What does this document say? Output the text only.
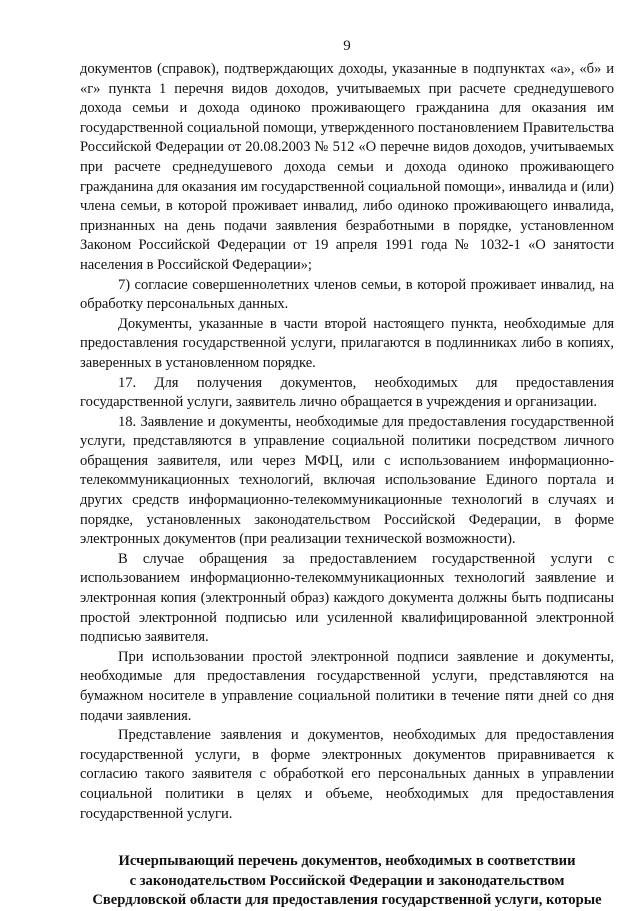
9

документов (справок), подтверждающих доходы, указанные в подпунктах «а», «б» и «г» пункта 1 перечня видов доходов, учитываемых при расчете среднедушевого дохода семьи и дохода одиноко проживающего гражданина для оказания им государственной социальной помощи, утвержденного постановлением Правительства Российской Федерации от 20.08.2003 № 512 «О перечне видов доходов, учитываемых при расчете среднедушевого дохода семьи и дохода одиноко проживающего гражданина для оказания им государственной социальной помощи», инвалида и (или) члена семьи, в которой проживает инвалид, либо одиноко проживающего инвалида, признанных на день подачи заявления безработными в порядке, установленном Законом Российской Федерации от 19 апреля 1991 года № 1032-1 «О занятости населения в Российской Федерации»;

7) согласие совершеннолетних членов семьи, в которой проживает инвалид, на обработку персональных данных.

Документы, указанные в части второй настоящего пункта, необходимые для предоставления государственной услуги, прилагаются в подлинниках либо в копиях, заверенных в установленном порядке.

17. Для получения документов, необходимых для предоставления государственной услуги, заявитель лично обращается в учреждения и организации.

18. Заявление и документы, необходимые для предоставления государственной услуги, представляются в управление социальной политики посредством личного обращения заявителя, или через МФЦ, или с использованием информационно-телекоммуникационных технологий, включая использование Единого портала и других средств информационно-телекоммуникационные технологий в случаях и порядке, установленных законодательством Российской Федерации, в форме электронных документов (при реализации технической возможности).

В случае обращения за предоставлением государственной услуги с использованием информационно-телекоммуникационных технологий заявление и электронная копия (электронный образ) каждого документа должны быть подписаны простой электронной подписью или усиленной квалифицированной электронной подписью заявителя.

При использовании простой электронной подписи заявление и документы, необходимые для предоставления государственной услуги, представляются на бумажном носителе в управление социальной политики в течение пяти дней со дня подачи заявления.

Представление заявления и документов, необходимых для предоставления государственной услуги, в форме электронных документов приравнивается к согласию такого заявителя с обработкой его персональных данных в управлении социальной политики в целях и объеме, необходимых для предоставления государственной услуги.

Исчерпывающий перечень документов, необходимых в соответствии
с законодательством Российской Федерации и законодательством
Свердловской области для предоставления государственной услуги, которые
